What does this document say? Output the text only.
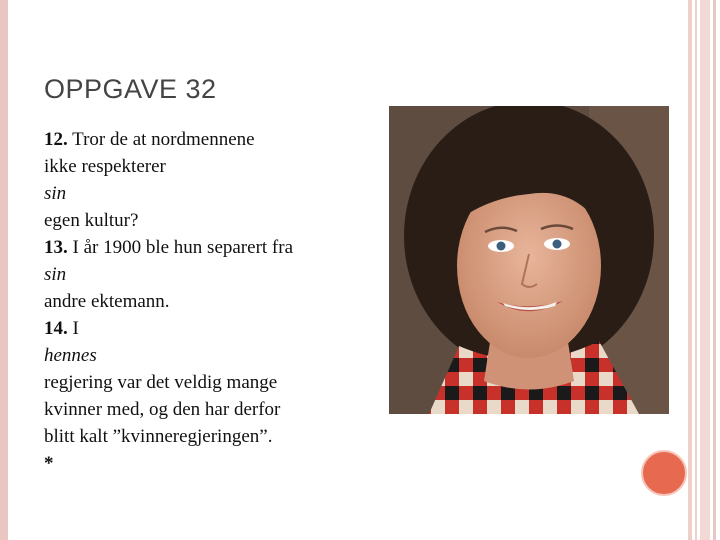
OPPGAVE 32

12. Tror de at nordmennene

ikke respekterer

sin

egen kultur?

13. I år 1900 ble hun separert fra

sin

andre ektemann.

14. I

hennes

regjering var det veldig mange

kvinner med, og den har derfor

blitt kalt ”kvinneregjeringen”.

*
